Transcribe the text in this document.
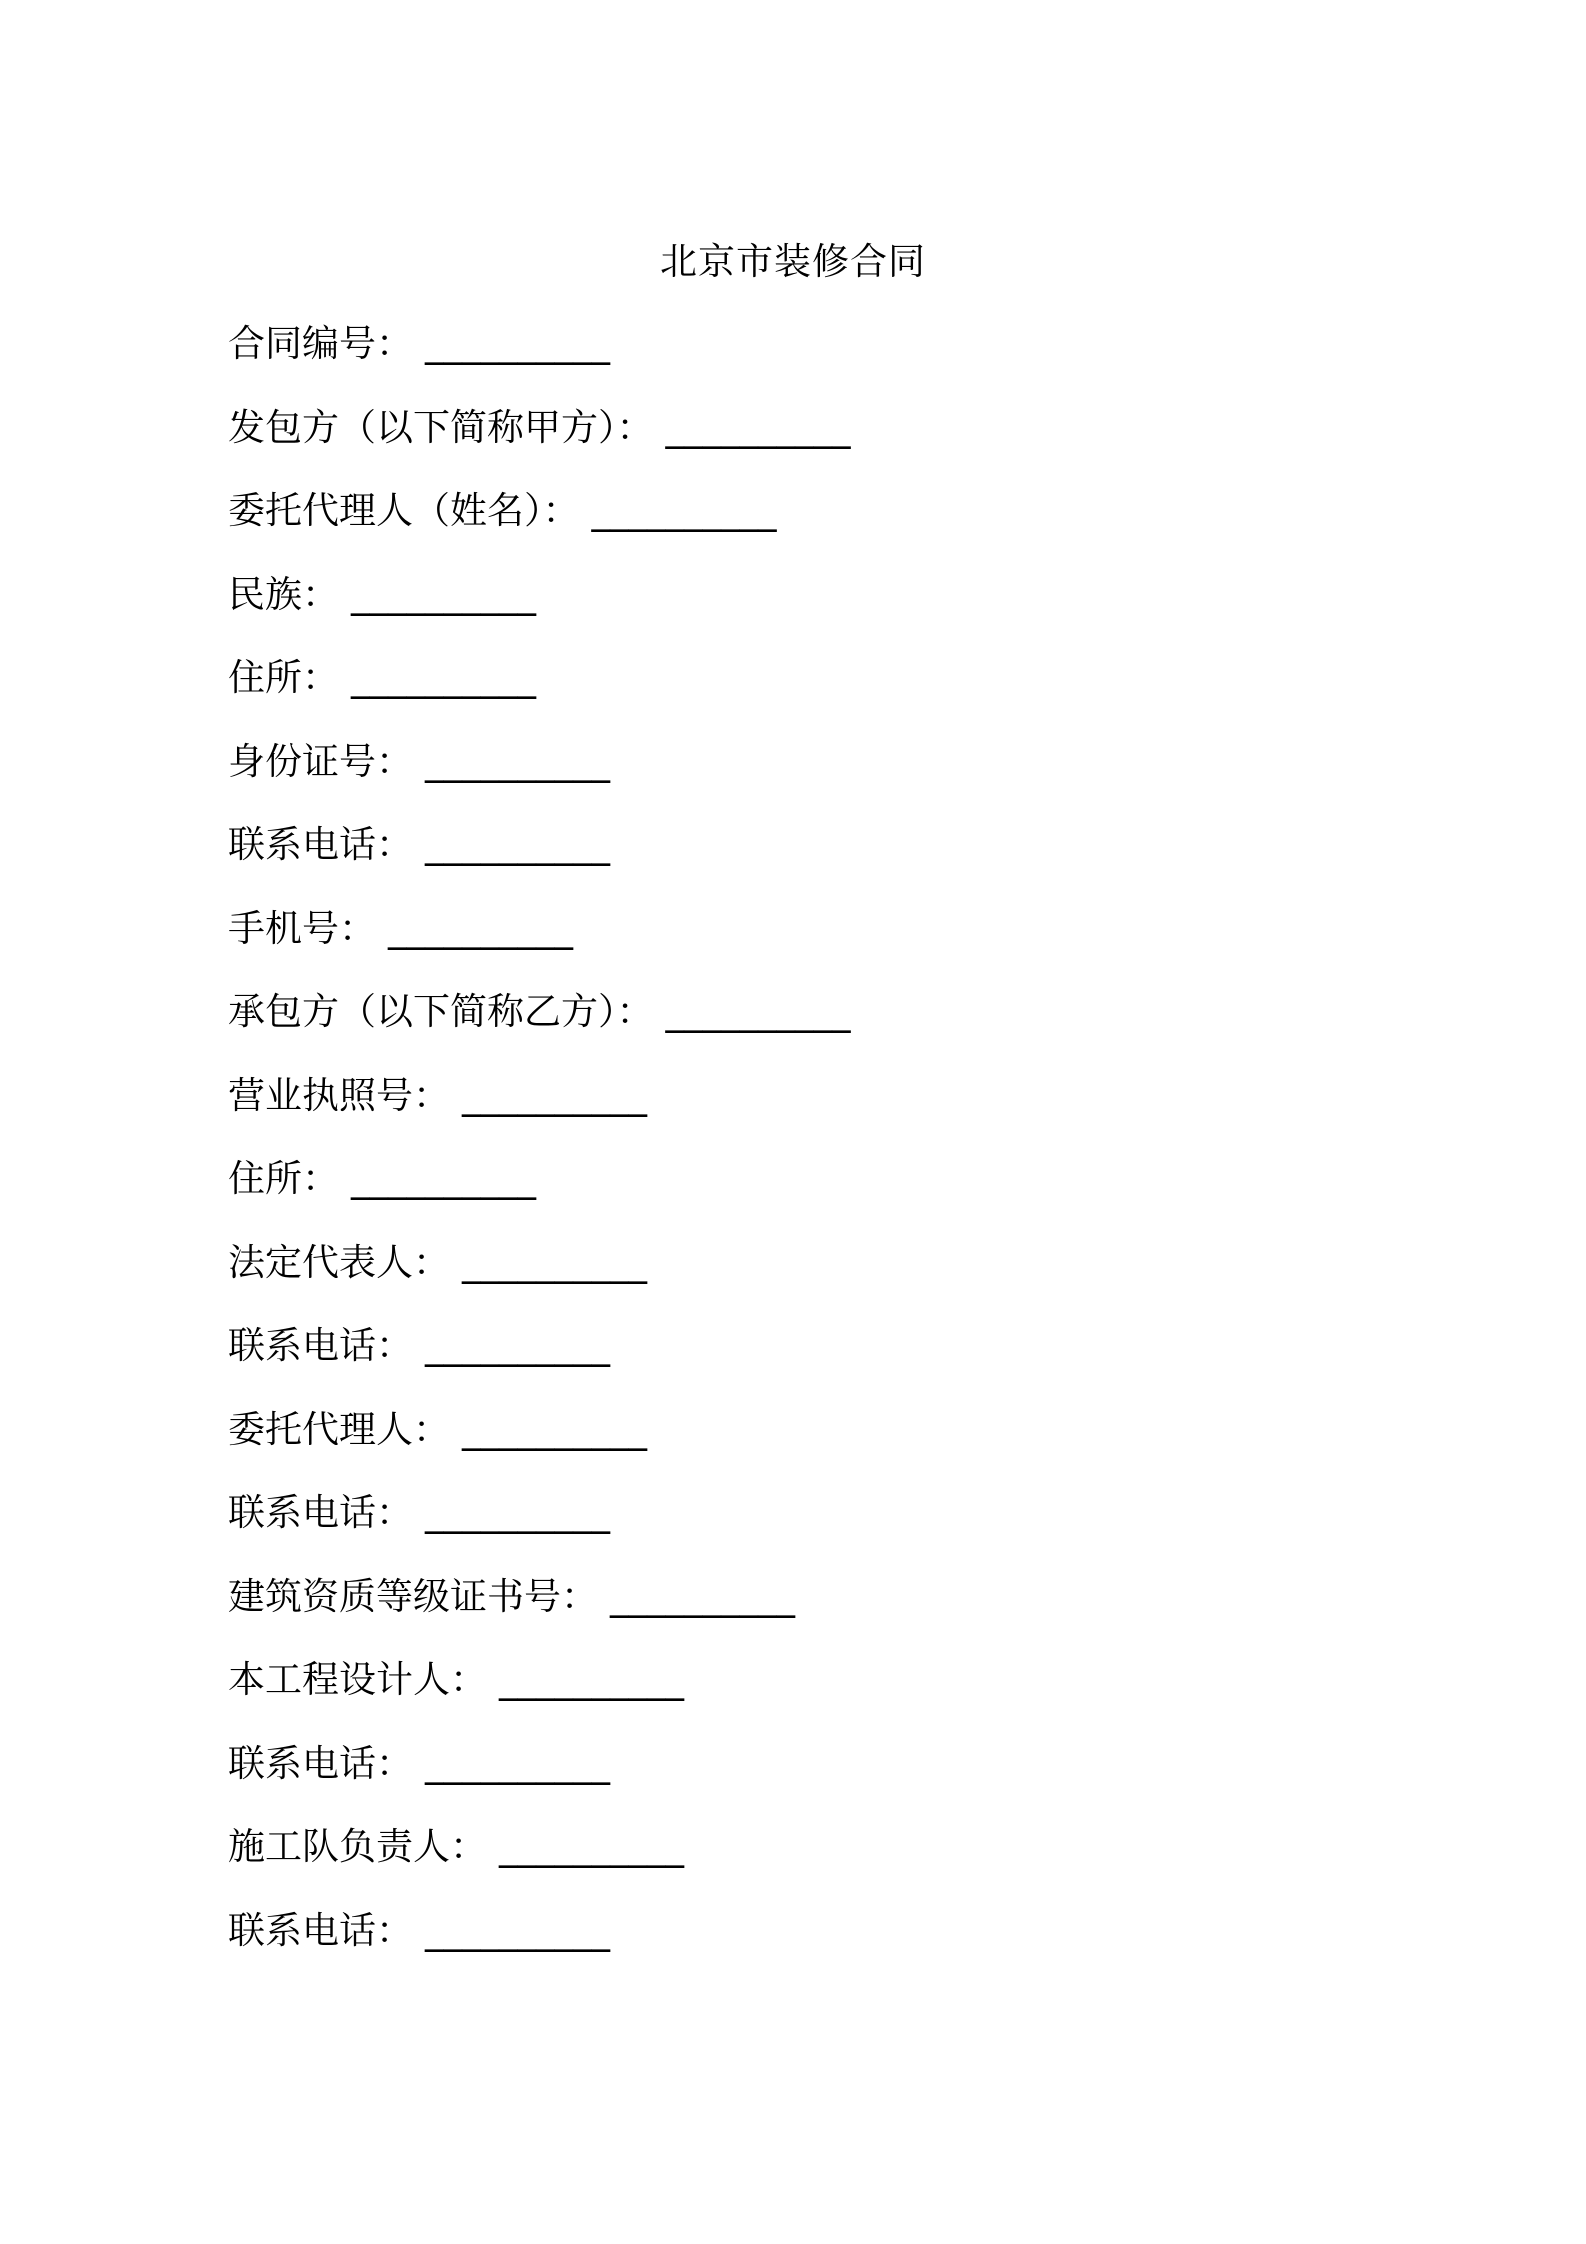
北京市装修合同
合同编号： __________
发包方（以下简称甲方）： __________
委托代理人（姓名）： __________
民族： __________
住所： __________
身份证号： __________
联系电话： __________
手机号： __________
承包方（以下简称乙方）： __________
营业执照号： __________
住所： __________
法定代表人： __________
联系电话： __________
委托代理人： __________
联系电话： __________
建筑资质等级证书号： __________
本工程设计人： __________
联系电话： __________
施工队负责人： __________
联系电话： __________
